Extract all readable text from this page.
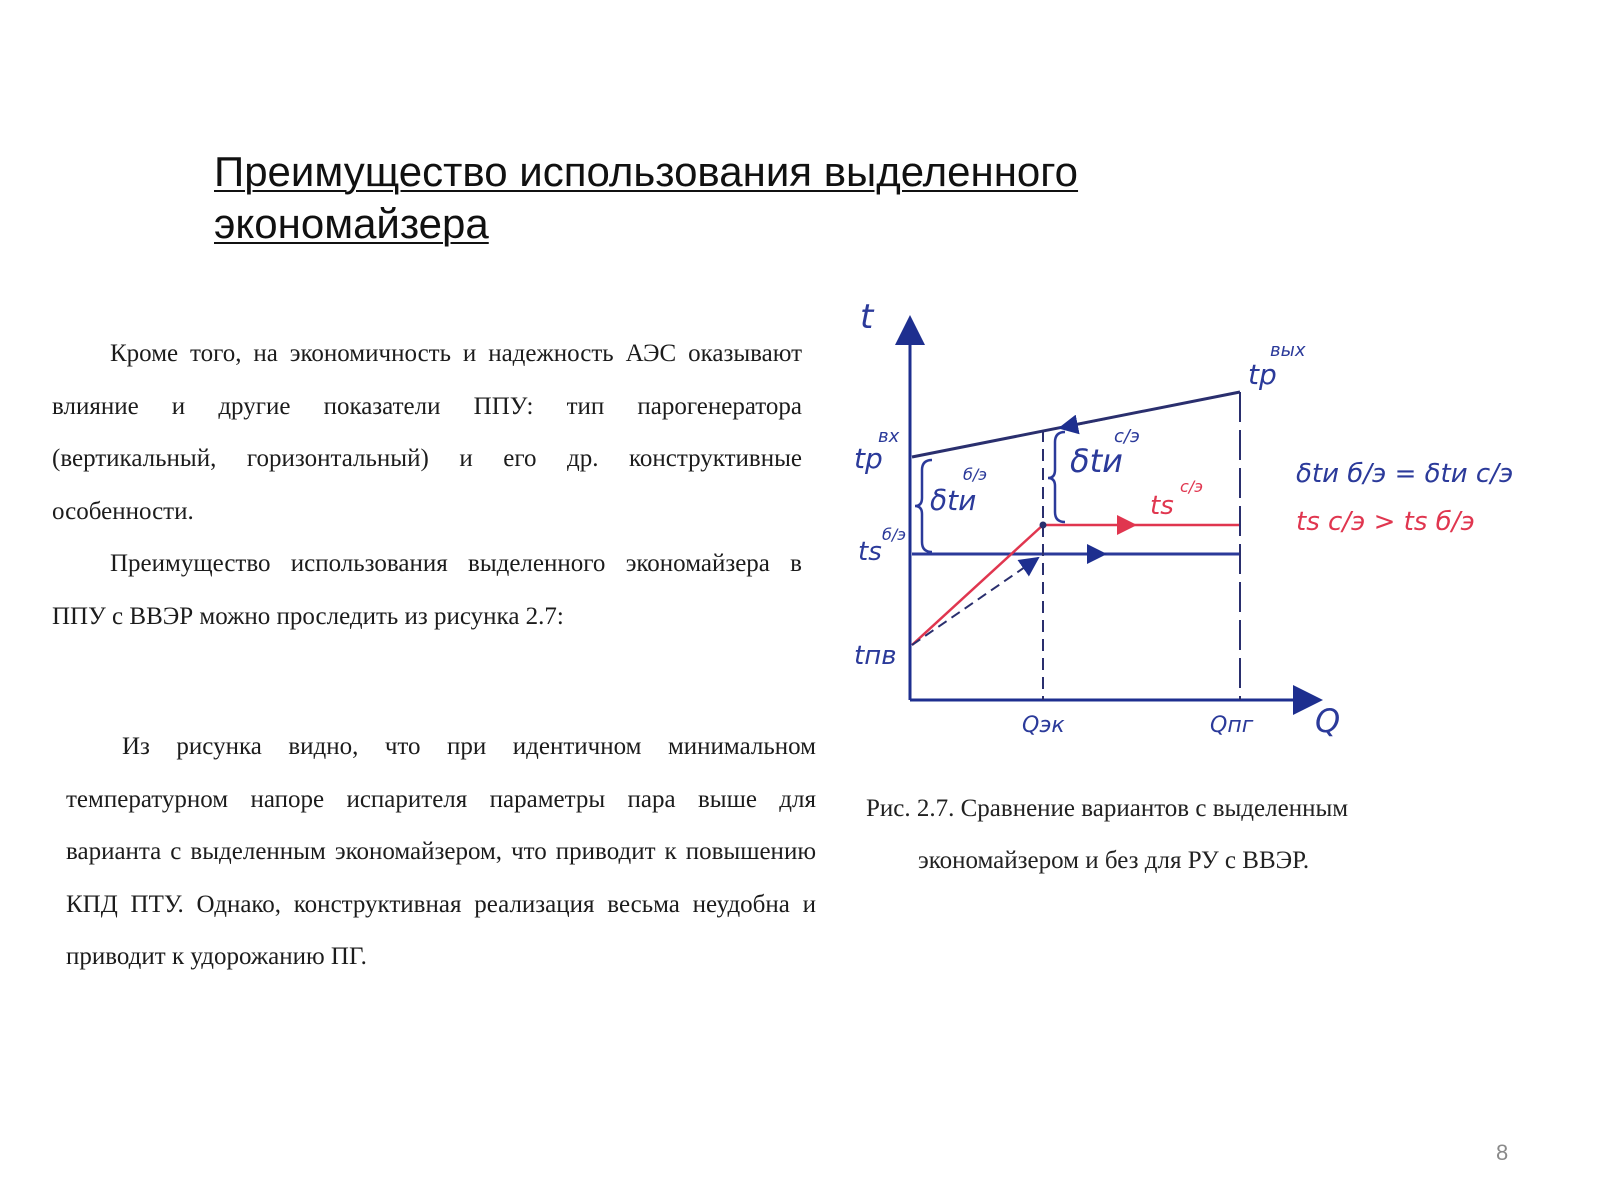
Преимущество использования выделенного
экономайзера

Кроме того, на экономичность и надежность АЭС оказывают влияние и другие показатели ППУ: тип парогенератора (вертикальный, горизонтальный) и его др. конструктивные особенности.

Преимущество использования выделенного экономайзера в ППУ с ВВЭР можно проследить из рисунка 2.7:

Из рисунка видно, что при идентичном минимальном температурном напоре испарителя параметры пара выше для варианта с выделенным экономайзером, что приводит к повышению КПД ПТУ. Однако, конструктивная реализация весьма неудобна и приводит к удорожанию ПГ.

t
Q
Qэк	Qпг
tр
вх
tр
вых
ts
б/э
tпв
ts
с/э
δtи
б/э	δtи
с/э
δtи б/э = δtи с/э
ts с/э > ts б/э
Рис. 2.7. Сравнение вариантов с выделенным
экономайзером и без для РУ с ВВЭР.
8
